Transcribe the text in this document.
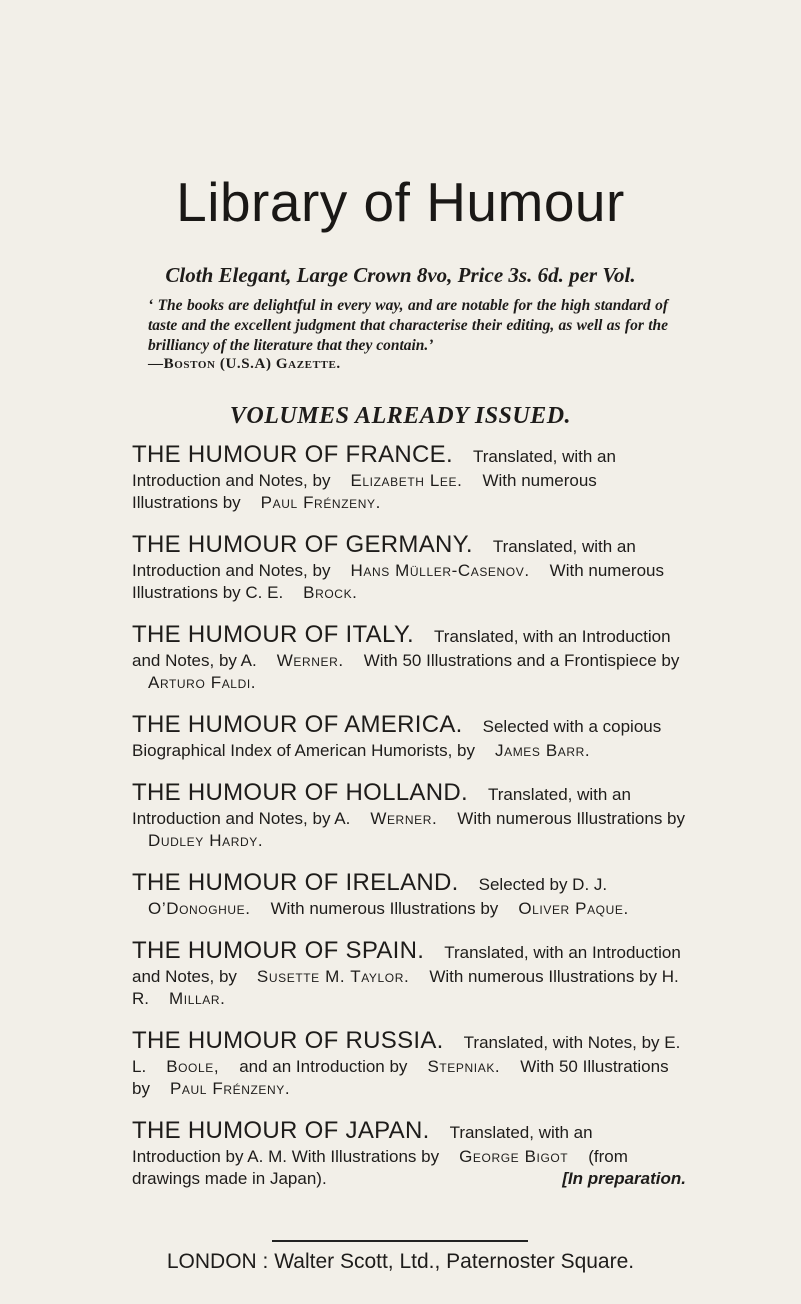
Library of Humour
Cloth Elegant, Large Crown 8vo, Price 3s. 6d. per Vol.
‘ The books are delightful in every way, and are notable for the high standard of taste and the excellent judgment that characterise their editing, as well as for the brilliancy of the literature that they contain.’
—Boston (U.S.A) Gazette.
VOLUMES ALREADY ISSUED.
THE HUMOUR OF FRANCE. Translated, with an Introduction and Notes, by Elizabeth Lee. With numerous Illustrations by Paul Frénzeny.
THE HUMOUR OF GERMANY. Translated, with an Introduction and Notes, by Hans Müller-Casenov. With numerous Illustrations by C. E. Brock.
THE HUMOUR OF ITALY. Translated, with an Introduction and Notes, by A. Werner. With 50 Illustrations and a Frontispiece by Arturo Faldi.
THE HUMOUR OF AMERICA. Selected with a copious Biographical Index of American Humorists, by James Barr.
THE HUMOUR OF HOLLAND. Translated, with an Introduction and Notes, by A. Werner. With numerous Illustrations by Dudley Hardy.
THE HUMOUR OF IRELAND. Selected by D. J. O’Donoghue. With numerous Illustrations by Oliver Paque.
THE HUMOUR OF SPAIN. Translated, with an Introduction and Notes, by Susette M. Taylor. With numerous Illustrations by H. R. Millar.
THE HUMOUR OF RUSSIA. Translated, with Notes, by E. L. Boole, and an Introduction by Stepniak. With 50 Illustrations by Paul Frénzeny.
THE HUMOUR OF JAPAN. Translated, with an Introduction by A. M. With Illustrations by George Bigot (from drawings made in Japan).	[In preparation.
LONDON : Walter Scott, Ltd., Paternoster Square.
